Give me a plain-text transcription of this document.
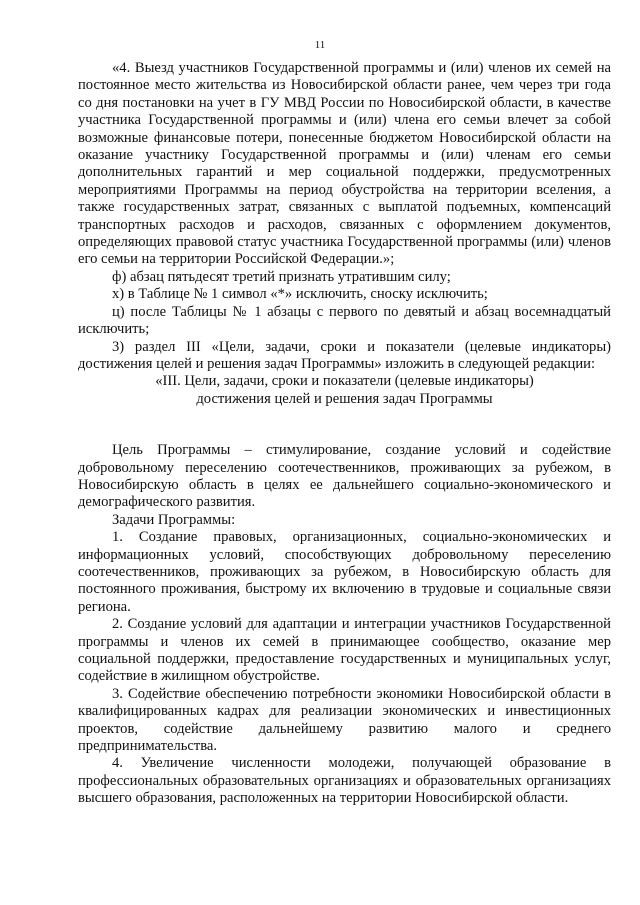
11

«4. Выезд участников Государственной программы и (или) членов их семей на постоянное место жительства из Новосибирской области ранее, чем через три года со дня постановки на учет в ГУ МВД России по Новосибирской области, в качестве участника Государственной программы и (или) члена его семьи влечет за собой возможные финансовые потери, понесенные бюджетом Новосибирской области на оказание участнику Государственной программы и (или) членам его семьи дополнительных гарантий и мер социальной поддержки, предусмотренных мероприятиями Программы на период обустройства на территории вселения, а также государственных затрат, связанных с выплатой подъемных, компенсаций транспортных расходов и расходов, связанных с оформлением документов, определяющих правовой статус участника Государственной программы (или) членов его семьи на территории Российской Федерации.»;

ф) абзац пятьдесят третий признать утратившим силу;

х) в Таблице № 1 символ «*» исключить, сноску исключить;

ц) после Таблицы № 1 абзацы с первого по девятый и абзац восемнадцатый исключить;

3) раздел III «Цели, задачи, сроки и показатели (целевые индикаторы) достижения целей и решения задач Программы» изложить в следующей редакции:

«III. Цели, задачи, сроки и показатели (целевые индикаторы)

достижения целей и решения задач Программы

Цель Программы – стимулирование, создание условий и содействие добровольному переселению соотечественников, проживающих за рубежом, в Новосибирскую область в целях ее дальнейшего социально-экономического и демографического развития.

Задачи Программы:

1. Создание правовых, организационных, социально-экономических и информационных условий, способствующих добровольному переселению соотечественников, проживающих за рубежом, в Новосибирскую область для постоянного проживания, быстрому их включению в трудовые и социальные связи региона.

2. Создание условий для адаптации и интеграции участников Государственной программы и членов их семей в принимающее сообщество, оказание мер социальной поддержки, предоставление государственных и муниципальных услуг, содействие в жилищном обустройстве.

3. Содействие обеспечению потребности экономики Новосибирской области в квалифицированных кадрах для реализации экономических и инвестиционных проектов, содействие дальнейшему развитию малого и среднего предпринимательства.

4. Увеличение численности молодежи, получающей образование в профессиональных образовательных организациях и образовательных организациях высшего образования, расположенных на территории Новосибирской области.
